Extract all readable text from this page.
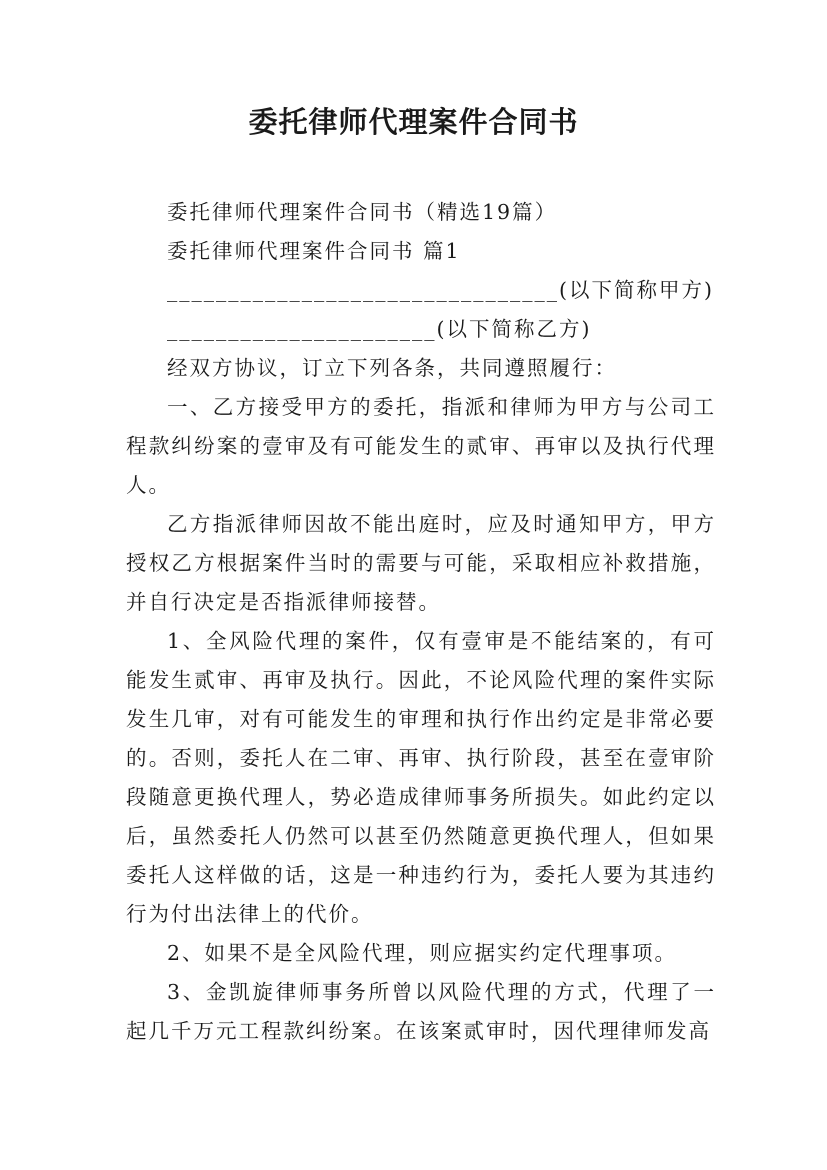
委托律师代理案件合同书

委托律师代理案件合同书（精选19篇）

委托律师代理案件合同书 篇1

________________________________(以下简称甲方)

______________________(以下简称乙方)

经双方协议，订立下列各条，共同遵照履行：

一、乙方接受甲方的委托，指派和律师为甲方与公司工程款纠纷案的壹审及有可能发生的贰审、再审以及执行代理人。

乙方指派律师因故不能出庭时，应及时通知甲方，甲方授权乙方根据案件当时的需要与可能，采取相应补救措施，并自行决定是否指派律师接替。

1、全风险代理的案件，仅有壹审是不能结案的，有可能发生贰审、再审及执行。因此，不论风险代理的案件实际发生几审，对有可能发生的审理和执行作出约定是非常必要的。否则，委托人在二审、再审、执行阶段，甚至在壹审阶段随意更换代理人，势必造成律师事务所损失。如此约定以后，虽然委托人仍然可以甚至仍然随意更换代理人，但如果委托人这样做的话，这是一种违约行为，委托人要为其违约行为付出法律上的代价。

2、如果不是全风险代理，则应据实约定代理事项。

3、金凯旋律师事务所曾以风险代理的方式，代理了一起几千万元工程款纠纷案。在该案贰审时，因代理律师发高
